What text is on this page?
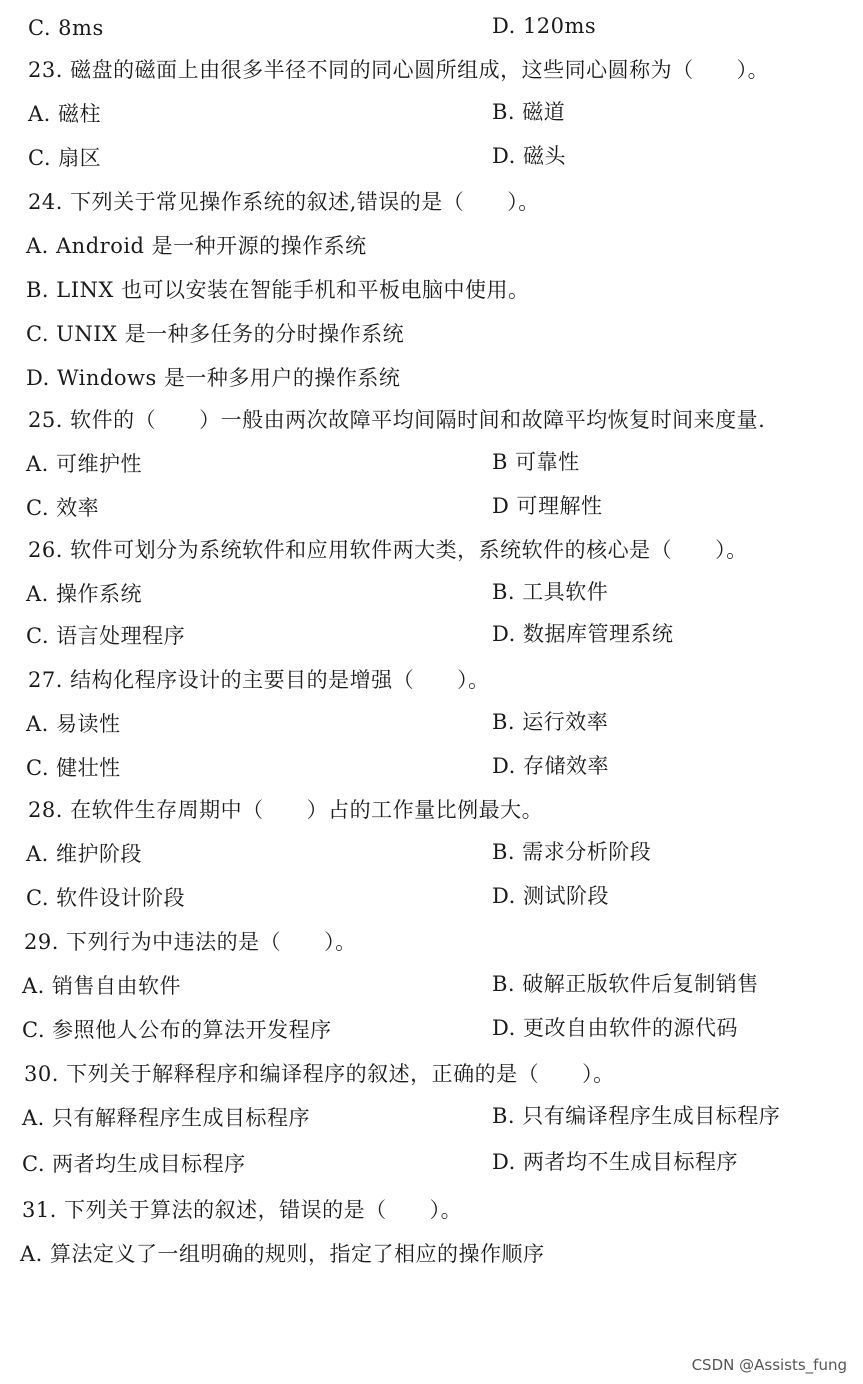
C. 8ms	D. 120ms
23. 磁盘的磁面上由很多半径不同的同心圆所组成，这些同心圆称为（　　）。
A. 磁柱	B. 磁道
C. 扇区	D. 磁头
24. 下列关于常见操作系统的叙述,错误的是（　　）。
A. Android 是一种开源的操作系统
B. LINX 也可以安装在智能手机和平板电脑中使用。
C. UNIX 是一种多任务的分时操作系统
D. Windows 是一种多用户的操作系统
25. 软件的（　　）一般由两次故障平均间隔时间和故障平均恢复时间来度量.
A. 可维护性	B 可靠性
C. 效率	D 可理解性
26. 软件可划分为系统软件和应用软件两大类，系统软件的核心是（　　）。
A. 操作系统	B. 工具软件
C. 语言处理程序	D. 数据库管理系统
27. 结构化程序设计的主要目的是增强（　　）。
A. 易读性	B. 运行效率
C. 健壮性	D. 存储效率
28. 在软件生存周期中（　　）占的工作量比例最大。
A. 维护阶段	B. 需求分析阶段
C. 软件设计阶段	D. 测试阶段
29. 下列行为中违法的是（　　）。
A. 销售自由软件	B. 破解正版软件后复制销售
C. 参照他人公布的算法开发程序	D. 更改自由软件的源代码
30. 下列关于解释程序和编译程序的叙述，正确的是（　　）。
A. 只有解释程序生成目标程序	B. 只有编译程序生成目标程序
C. 两者均生成目标程序	D. 两者均不生成目标程序
31. 下列关于算法的叙述，错误的是（　　）。
A. 算法定义了一组明确的规则，指定了相应的操作顺序
CSDN @Assists_fung
